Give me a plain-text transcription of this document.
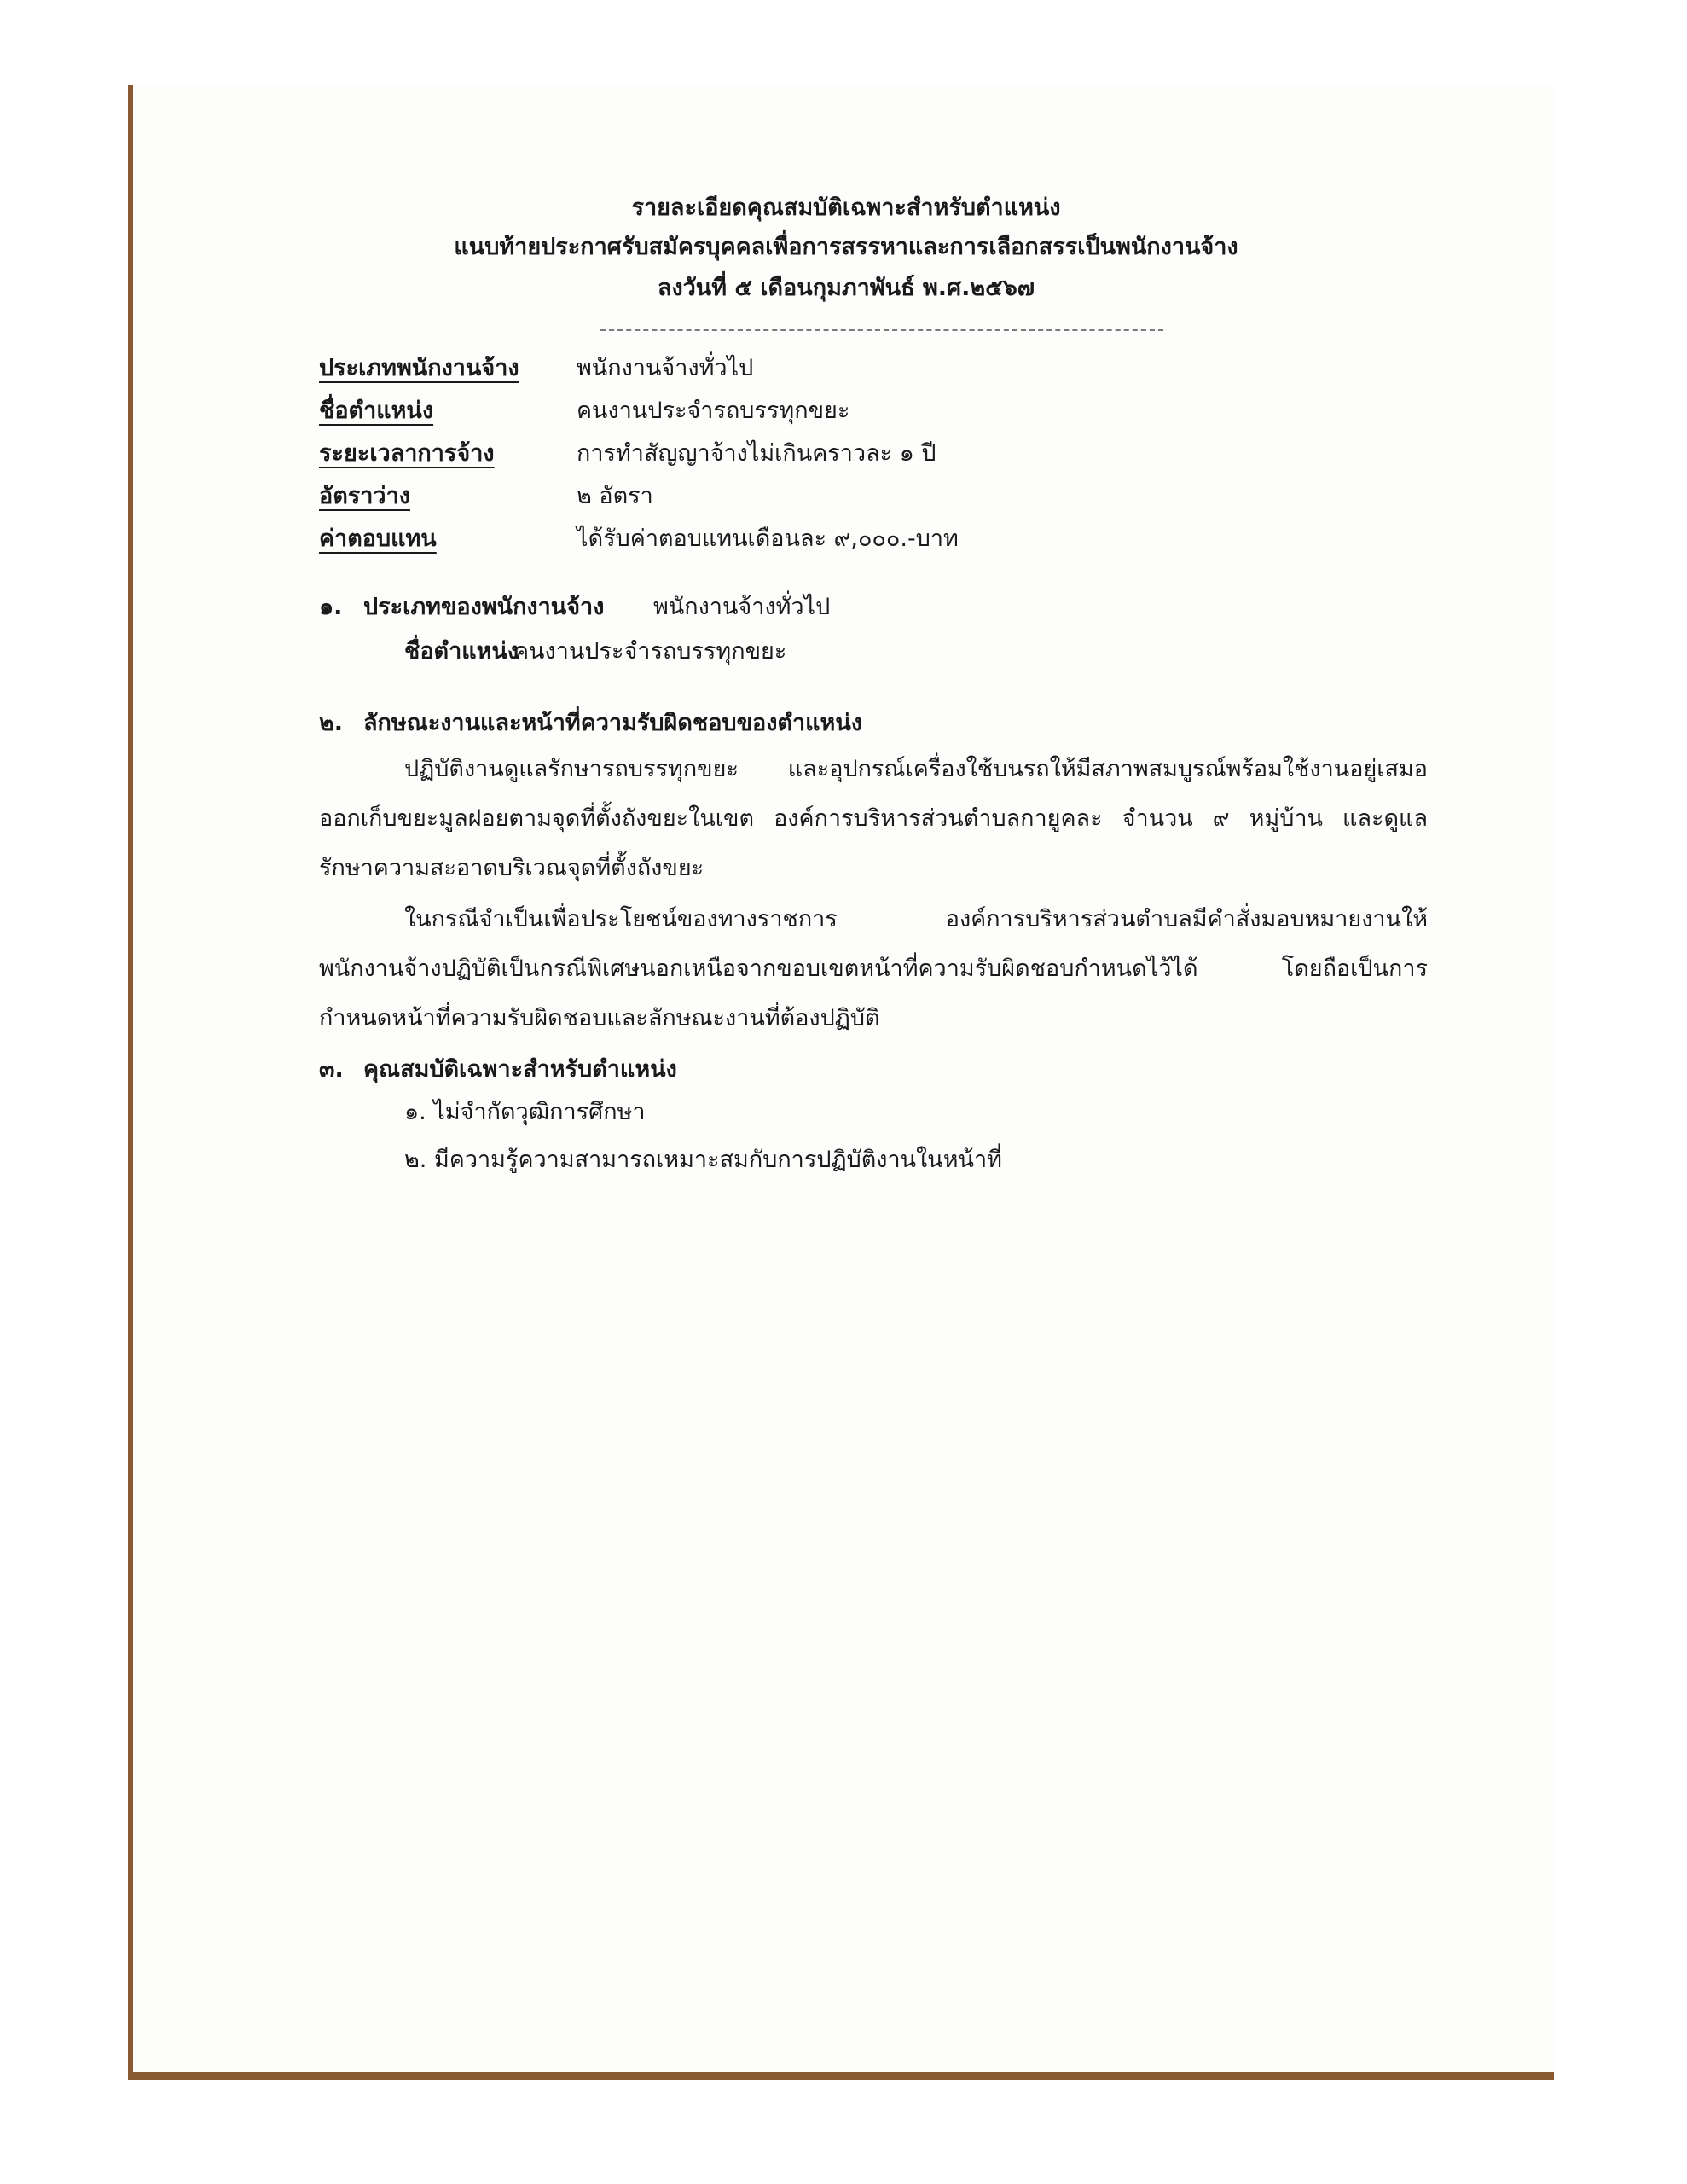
รายละเอียดคุณสมบัติเฉพาะสำหรับตำแหน่ง
แนบท้ายประกาศรับสมัครบุคคลเพื่อการสรรหาและการเลือกสรรเป็นพนักงานจ้าง
ลงวันที่ ๕ เดือนกุมภาพันธ์ พ.ศ.๒๕๖๗
ประเภทพนักงานจ้าง พนักงานจ้างทั่วไป
ชื่อตำแหน่ง	คนงานประจำรถบรรทุกขยะ
ระยะเวลาการจ้าง	การทำสัญญาจ้างไม่เกินคราวละ ๑ ปี
อัตราว่าง	๒ อัตรา
ค่าตอบแทน	ได้รับค่าตอบแทนเดือนละ ๙,๐๐๐.-บาท
๑. ประเภทของพนักงานจ้าง พนักงานจ้างทั่วไป
ชื่อตำแหน่ง
คนงานประจำรถบรรทุกขยะ
๒. ลักษณะงานและหน้าที่ความรับผิดชอบของตำแหน่ง
ปฏิบัติงานดูแลรักษารถบรรทุกขยะ และอุปกรณ์เครื่องใช้บนรถให้มีสภาพสมบูรณ์พร้อมใช้งานอยู่เสมอ
ออกเก็บขยะมูลฝอยตามจุดที่ตั้งถังขยะในเขต องค์การบริหารส่วนตำบลกายูคละ จำนวน ๙ หมู่บ้าน และดูแล
รักษาความสะอาดบริเวณจุดที่ตั้งถังขยะ
ในกรณีจำเป็นเพื่อประโยชน์ของทางราชการ องค์การบริหารส่วนตำบลมีคำสั่งมอบหมายงานให้
พนักงานจ้างปฏิบัติเป็นกรณีพิเศษนอกเหนือจากขอบเขตหน้าที่ความรับผิดชอบกำหนดไว้ได้ โดยถือเป็นการ
กำหนดหน้าที่ความรับผิดชอบและลักษณะงานที่ต้องปฏิบัติ
๓. คุณสมบัติเฉพาะสำหรับตำแหน่ง
๑. ไม่จำกัดวุฒิการศึกษา
๒. มีความรู้ความสามารถเหมาะสมกับการปฏิบัติงานในหน้าที่
